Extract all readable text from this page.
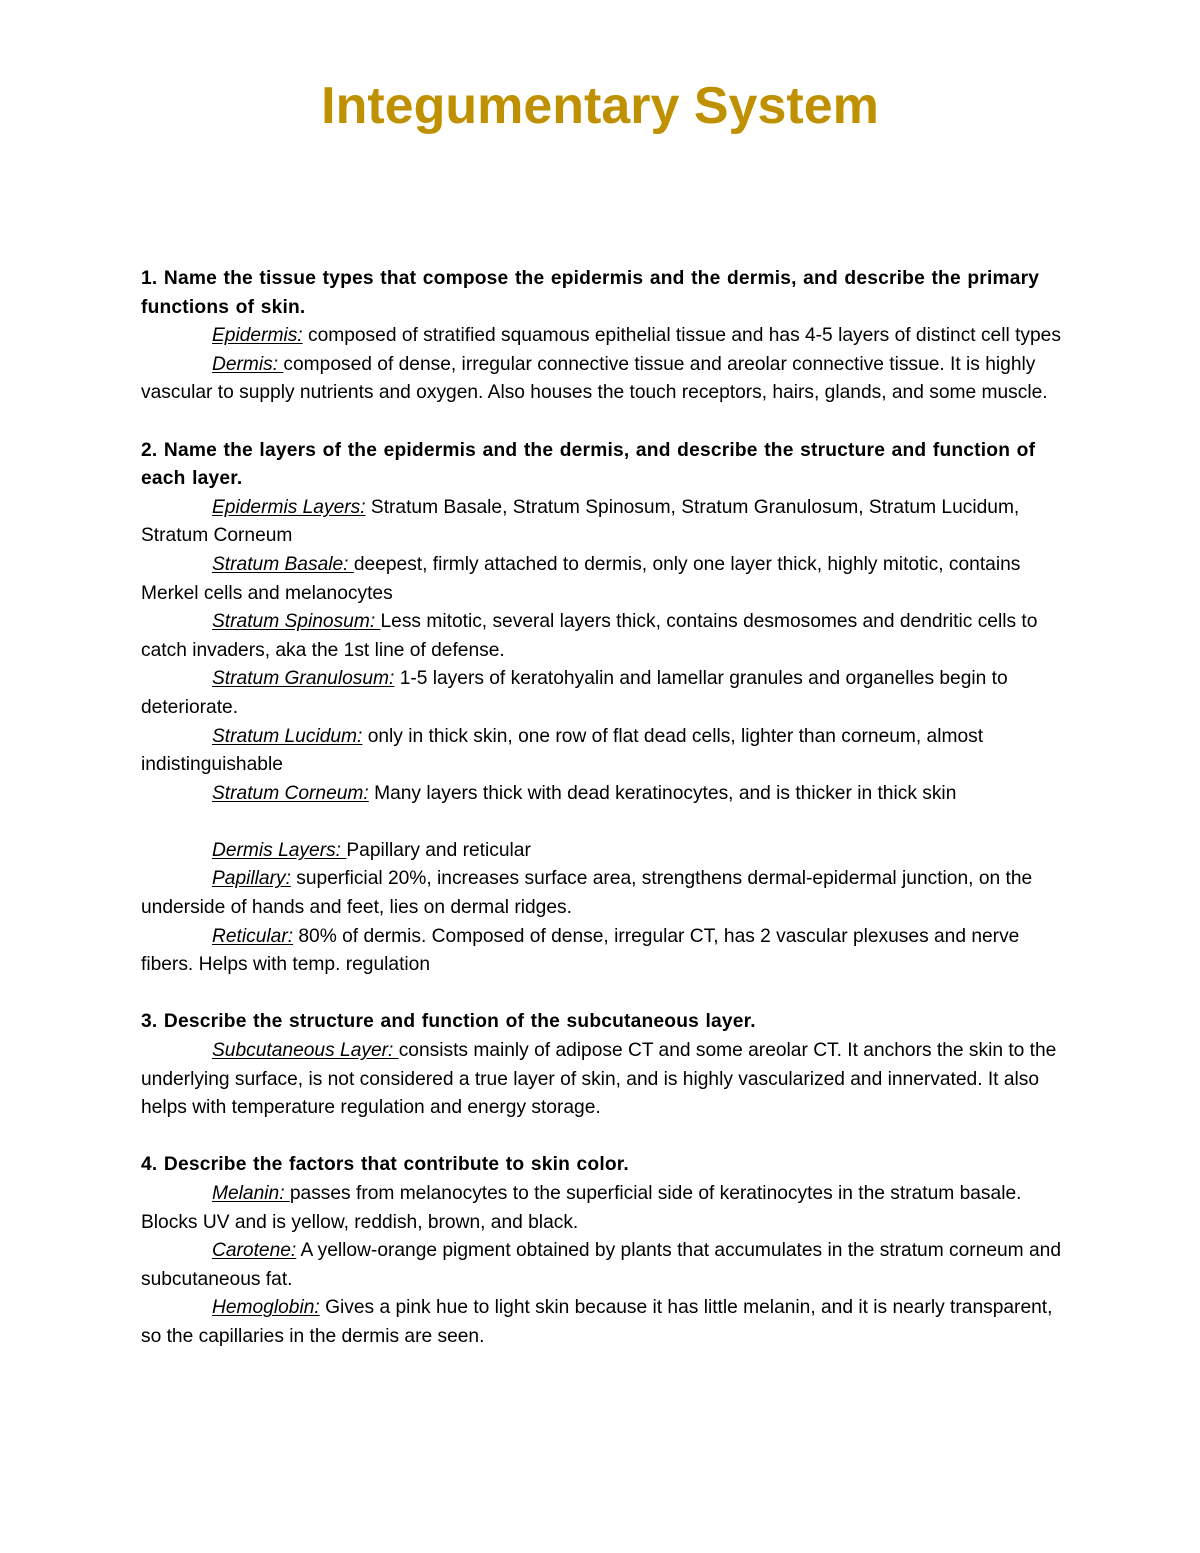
Integumentary System

1. Name the tissue types that compose the epidermis and the dermis, and describe the primary functions of skin.

Epidermis: composed of stratified squamous epithelial tissue and has 4-5 layers of distinct cell types

Dermis: composed of dense, irregular connective tissue and areolar connective tissue. It is highly vascular to supply nutrients and oxygen. Also houses the touch receptors, hairs, glands, and some muscle.

2. Name the layers of the epidermis and the dermis, and describe the structure and function of each layer.

Epidermis Layers: Stratum Basale, Stratum Spinosum, Stratum Granulosum, Stratum Lucidum, Stratum Corneum

Stratum Basale: deepest, firmly attached to dermis, only one layer thick, highly mitotic, contains Merkel cells and melanocytes

Stratum Spinosum: Less mitotic, several layers thick, contains desmosomes and dendritic cells to catch invaders, aka the 1st line of defense.

Stratum Granulosum: 1-5 layers of keratohyalin and lamellar granules and organelles begin to deteriorate.

Stratum Lucidum: only in thick skin, one row of flat dead cells, lighter than corneum, almost indistinguishable

Stratum Corneum: Many layers thick with dead keratinocytes, and is thicker in thick skin

Dermis Layers: Papillary and reticular

Papillary: superficial 20%, increases surface area, strengthens dermal-epidermal junction, on the underside of hands and feet, lies on dermal ridges.

Reticular: 80% of dermis. Composed of dense, irregular CT, has 2 vascular plexuses and nerve fibers. Helps with temp. regulation

3. Describe the structure and function of the subcutaneous layer.

Subcutaneous Layer: consists mainly of adipose CT and some areolar CT. It anchors the skin to the underlying surface, is not considered a true layer of skin, and is highly vascularized and innervated. It also helps with temperature regulation and energy storage.

4. Describe the factors that contribute to skin color.

Melanin: passes from melanocytes to the superficial side of keratinocytes in the stratum basale. Blocks UV and is yellow, reddish, brown, and black.

Carotene: A yellow-orange pigment obtained by plants that accumulates in the stratum corneum and subcutaneous fat.

Hemoglobin: Gives a pink hue to light skin because it has little melanin, and it is nearly transparent, so the capillaries in the dermis are seen.
